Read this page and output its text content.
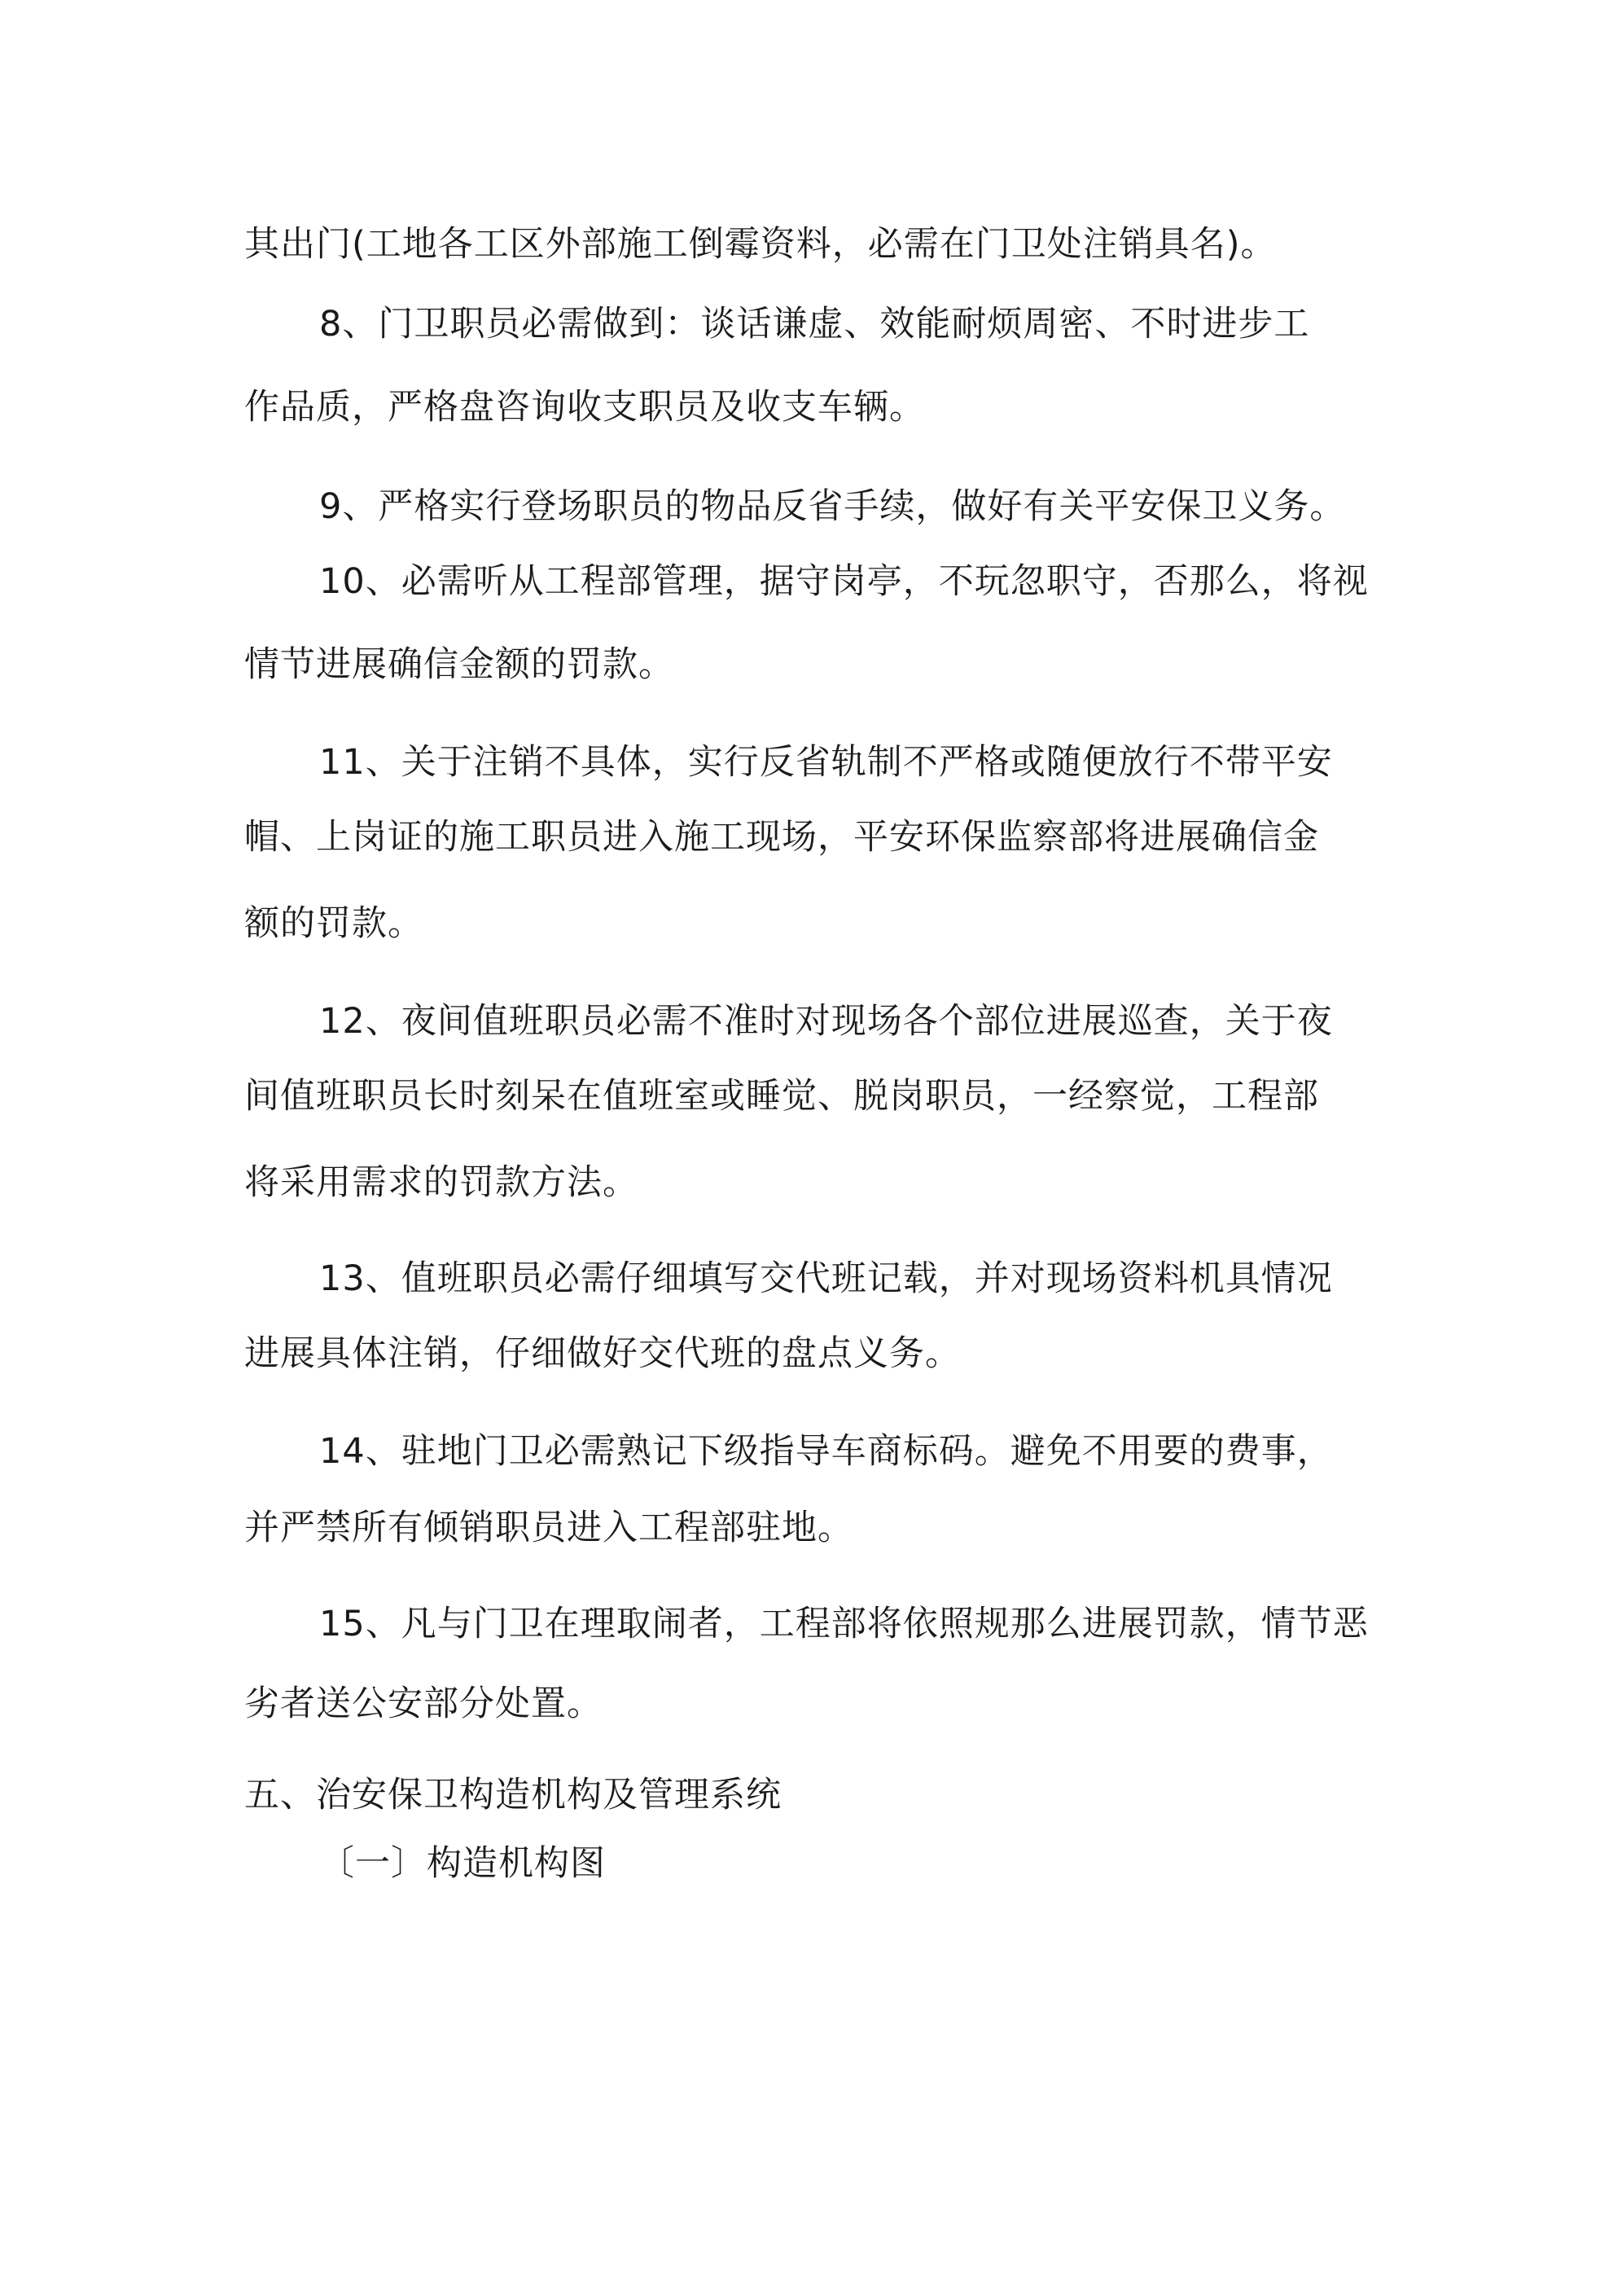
其出门(工地各工区外部施工倒霉资料，必需在门卫处注销具名)。

8、门卫职员必需做到：谈话谦虚、效能耐烦周密、不时进步工

作品质，严格盘咨询收支职员及收支车辆。

9、严格实行登场职员的物品反省手续，做好有关平安保卫义务。

10、必需听从工程部管理，据守岗亭，不玩忽职守，否那么，将视

情节进展确信金额的罚款。

11、关于注销不具体，实行反省轨制不严格或随便放行不带平安

帽、上岗证的施工职员进入施工现场，平安环保监察部将进展确信金

额的罚款。

12、夜间值班职员必需不准时对现场各个部位进展巡查，关于夜

间值班职员长时刻呆在值班室或睡觉、脱岗职员，一经察觉，工程部

将采用需求的罚款方法。

13、值班职员必需仔细填写交代班记载，并对现场资料机具情况

进展具体注销，仔细做好交代班的盘点义务。

14、驻地门卫必需熟记下级指导车商标码。避免不用要的费事，

并严禁所有倾销职员进入工程部驻地。

15、凡与门卫在理取闹者，工程部将依照规那么进展罚款，情节恶

劣者送公安部分处置。

五、治安保卫构造机构及管理系统

〔一〕构造机构图
